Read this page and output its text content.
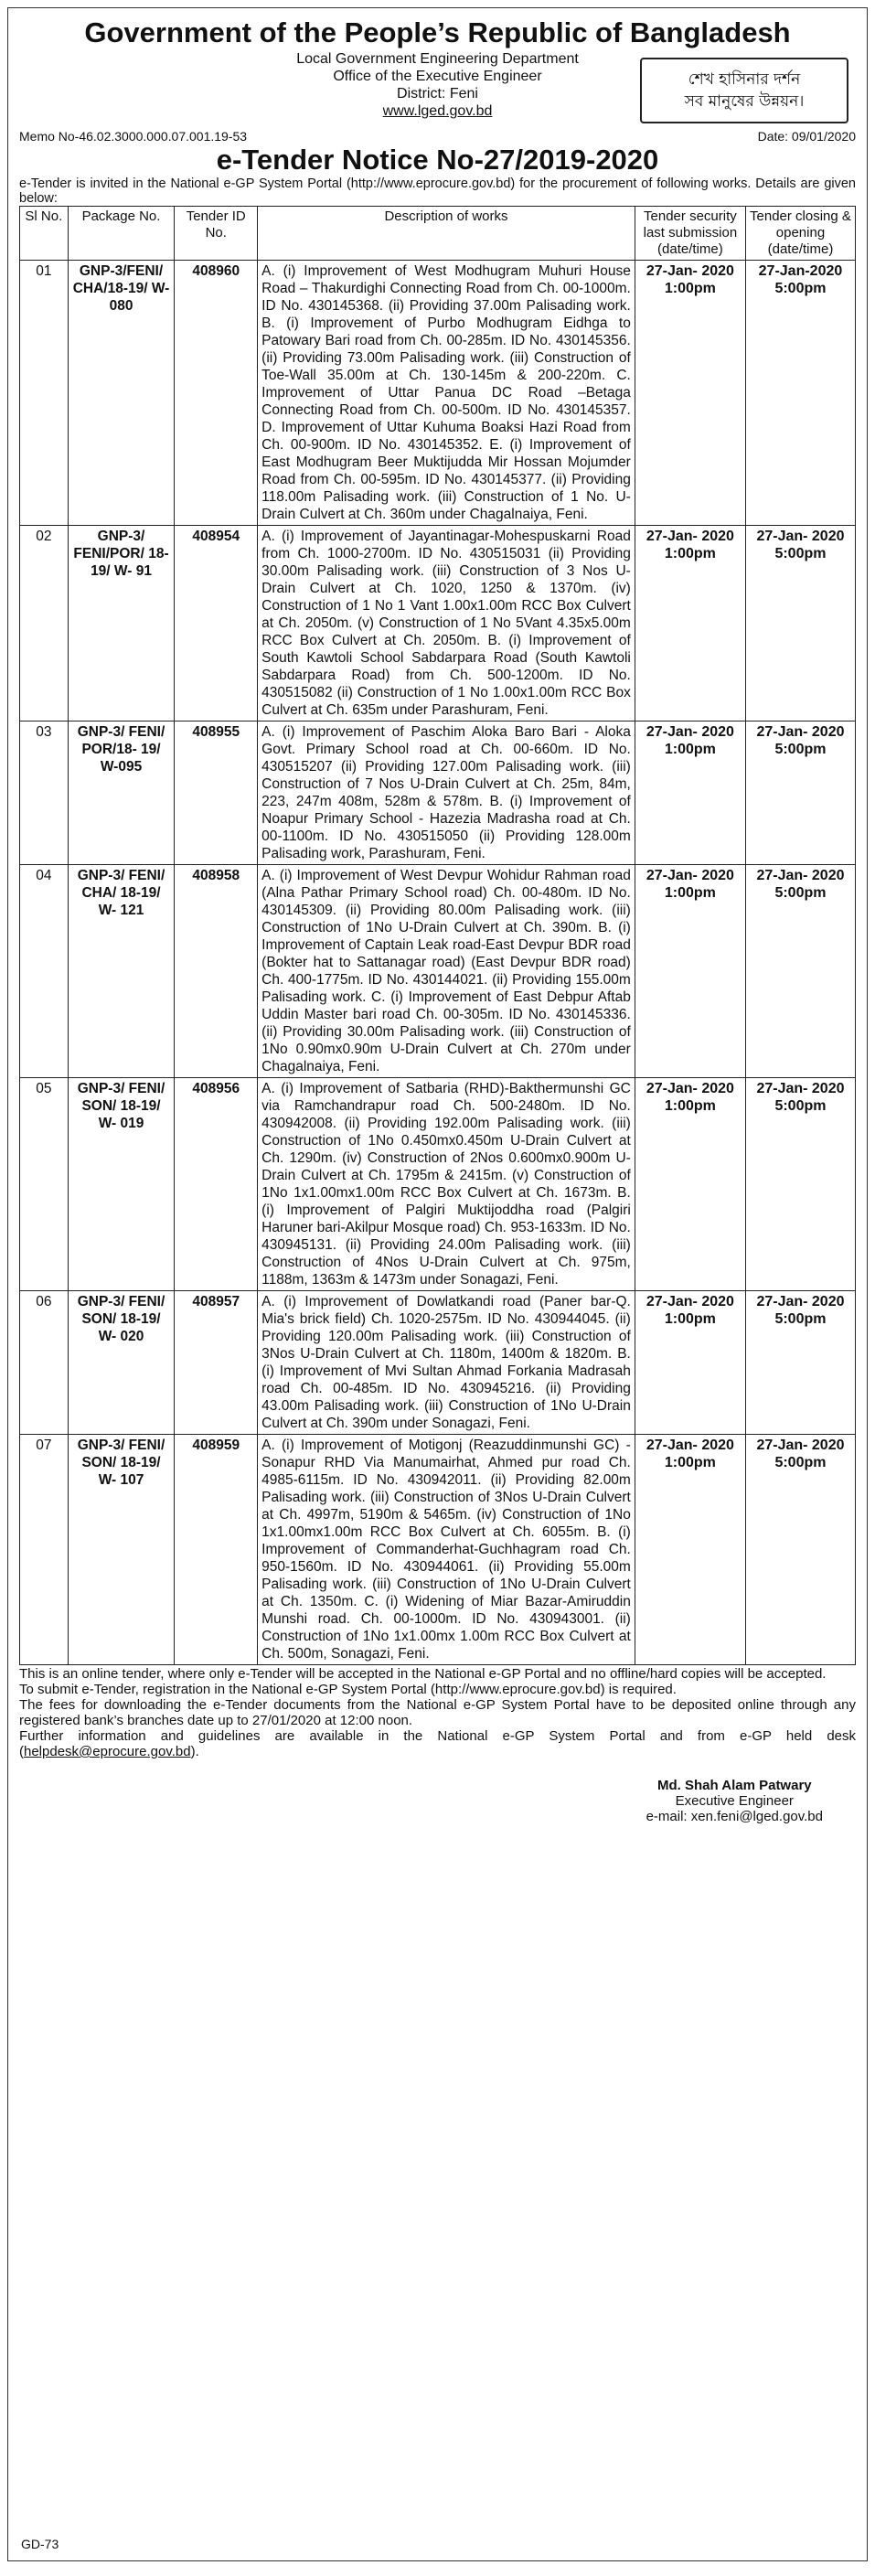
Government of the People’s Republic of Bangladesh
Local Government Engineering Department
Office of the Executive Engineer
District: Feni
www.lged.gov.bd
শেখ হাসিনার দর্শন
সব মানুষের উন্নয়ন।
Memo No-46.02.3000.000.07.001.19-53	Date: 09/01/2020
e-Tender Notice No-27/2019-2020
e-Tender is invited in the National e-GP System Portal (http://www.eprocure.gov.bd) for the procurement of following works. Details are given below:
Sl No.	Package No.	Tender ID No.	Description of works	Tender security last submission (date/time)	Tender closing & opening (date/time)
01	GNP-3/FENI/ CHA/18-19/ W-080	408960	A. (i) Improvement of West Modhugram Muhuri House Road – Thakurdighi Connecting Road from Ch. 00-1000m. ID No. 430145368. (ii) Providing 37.00m Palisading work. B. (i) Improvement of Purbo Modhugram Eidhga to Patowary Bari road from Ch. 00-285m. ID No. 430145356. (ii) Providing 73.00m Palisading work. (iii) Construction of Toe-Wall 35.00m at Ch. 130-145m & 200-220m. C. Improvement of Uttar Panua DC Road –Betaga Connecting Road from Ch. 00-500m. ID No. 430145357. D. Improvement of Uttar Kuhuma Boaksi Hazi Road from Ch. 00-900m. ID No. 430145352. E. (i) Improvement of East Modhugram Beer Muktijudda Mir Hossan Mojumder Road from Ch. 00-595m. ID No. 430145377. (ii) Providing 118.00m Palisading work. (iii) Construction of 1 No. U-Drain Culvert at Ch. 360m under Chagalnaiya, Feni.	27-Jan- 2020 1:00pm	27-Jan-2020 5:00pm
02	GNP-3/ FENI/POR/ 18-19/ W- 91	408954	A. (i) Improvement of Jayantinagar-Mohespuskarni Road from Ch. 1000-2700m. ID No. 430515031 (ii) Providing 30.00m Palisading work. (iii) Construction of 3 Nos U-Drain Culvert at Ch. 1020, 1250 & 1370m. (iv) Construction of 1 No 1 Vant 1.00x1.00m RCC Box Culvert at Ch. 2050m. (v) Construction of 1 No 5Vant 4.35x5.00m RCC Box Culvert at Ch. 2050m. B. (i) Improvement of South Kawtoli School Sabdarpara Road (South Kawtoli Sabdarpara Road) from Ch. 500-1200m. ID No. 430515082 (ii) Construction of 1 No 1.00x1.00m RCC Box Culvert at Ch. 635m under Parashuram, Feni.	27-Jan- 2020 1:00pm	27-Jan- 2020 5:00pm
03	GNP-3/ FENI/ POR/18- 19/ W-095	408955	A. (i) Improvement of Paschim Aloka Baro Bari - Aloka Govt. Primary School road at Ch. 00-660m. ID No. 430515207 (ii) Providing 127.00m Palisading work. (iii) Construction of 7 Nos U-Drain Culvert at Ch. 25m, 84m, 223, 247m 408m, 528m & 578m. B. (i) Improvement of Noapur Primary School - Hazezia Madrasha road at Ch. 00-1100m. ID No. 430515050 (ii) Providing 128.00m Palisading work, Parashuram, Feni.	27-Jan- 2020 1:00pm	27-Jan- 2020 5:00pm
04	GNP-3/ FENI/ CHA/ 18-19/ W- 121	408958	A. (i) Improvement of West Devpur Wohidur Rahman road (Alna Pathar Primary School road) Ch. 00-480m. ID No. 430145309. (ii) Providing 80.00m Palisading work. (iii) Construction of 1No U-Drain Culvert at Ch. 390m. B. (i) Improvement of Captain Leak road-East Devpur BDR road (Bokter hat to Sattanagar road) (East Devpur BDR road) Ch. 400-1775m. ID No. 430144021. (ii) Providing 155.00m Palisading work. C. (i) Improvement of East Debpur Aftab Uddin Master bari road Ch. 00-305m. ID No. 430145336. (ii) Providing 30.00m Palisading work. (iii) Construction of 1No 0.90mx0.90m U-Drain Culvert at Ch. 270m under Chagalnaiya, Feni.	27-Jan- 2020 1:00pm	27-Jan- 2020 5:00pm
05	GNP-3/ FENI/ SON/ 18-19/ W- 019	408956	A. (i) Improvement of Satbaria (RHD)-Bakthermunshi GC via Ramchandrapur road Ch. 500-2480m. ID No. 430942008. (ii) Providing 192.00m Palisading work. (iii) Construction of 1No 0.450mx0.450m U-Drain Culvert at Ch. 1290m. (iv) Construction of 2Nos 0.600mx0.900m U-Drain Culvert at Ch. 1795m & 2415m. (v) Construction of 1No 1x1.00mx1.00m RCC Box Culvert at Ch. 1673m. B. (i) Improvement of Palgiri Muktijoddha road (Palgiri Haruner bari-Akilpur Mosque road) Ch. 953-1633m. ID No. 430945131. (ii) Providing 24.00m Palisading work. (iii) Construction of 4Nos U-Drain Culvert at Ch. 975m, 1188m, 1363m & 1473m under Sonagazi, Feni.	27-Jan- 2020 1:00pm	27-Jan- 2020 5:00pm
06	GNP-3/ FENI/ SON/ 18-19/ W- 020	408957	A. (i) Improvement of Dowlatkandi road (Paner bar-Q. Mia's brick field) Ch. 1020-2575m. ID No. 430944045. (ii) Providing 120.00m Palisading work. (iii) Construction of 3Nos U-Drain Culvert at Ch. 1180m, 1400m & 1820m. B. (i) Improvement of Mvi Sultan Ahmad Forkania Madrasah road Ch. 00-485m. ID No. 430945216. (ii) Providing 43.00m Palisading work. (iii) Construction of 1No U-Drain Culvert at Ch. 390m under Sonagazi, Feni.	27-Jan- 2020 1:00pm	27-Jan- 2020 5:00pm
07	GNP-3/ FENI/ SON/ 18-19/ W- 107	408959	A. (i) Improvement of Motigonj (Reazuddinmunshi GC) -Sonapur RHD Via Manumairhat, Ahmed pur road Ch. 4985-6115m. ID No. 430942011. (ii) Providing 82.00m Palisading work. (iii) Construction of 3Nos U-Drain Culvert at Ch. 4997m, 5190m & 5465m. (iv) Construction of 1No 1x1.00mx1.00m RCC Box Culvert at Ch. 6055m. B. (i) Improvement of Commanderhat-Guchhagram road Ch. 950-1560m. ID No. 430944061. (ii) Providing 55.00m Palisading work. (iii) Construction of 1No U-Drain Culvert at Ch. 1350m. C. (i) Widening of Miar Bazar-Amiruddin Munshi road. Ch. 00-1000m. ID No. 430943001. (ii) Construction of 1No 1x1.00mx 1.00m RCC Box Culvert at Ch. 500m, Sonagazi, Feni.	27-Jan- 2020 1:00pm	27-Jan- 2020 5:00pm

This is an online tender, where only e-Tender will be accepted in the National e-GP Portal and no offline/hard copies will be accepted.

To submit e-Tender, registration in the National e-GP System Portal (http://www.eprocure.gov.bd) is required.

The fees for downloading the e-Tender documents from the National e-GP System Portal have to be deposited online through any registered bank’s branches date up to 27/01/2020 at 12:00 noon.

Further information and guidelines are available in the National e-GP System Portal and from e-GP held desk (helpdesk@eprocure.gov.bd).

Md. Shah Alam Patwary
Executive Engineer
e-mail: xen.feni@lged.gov.bd
GD-73
